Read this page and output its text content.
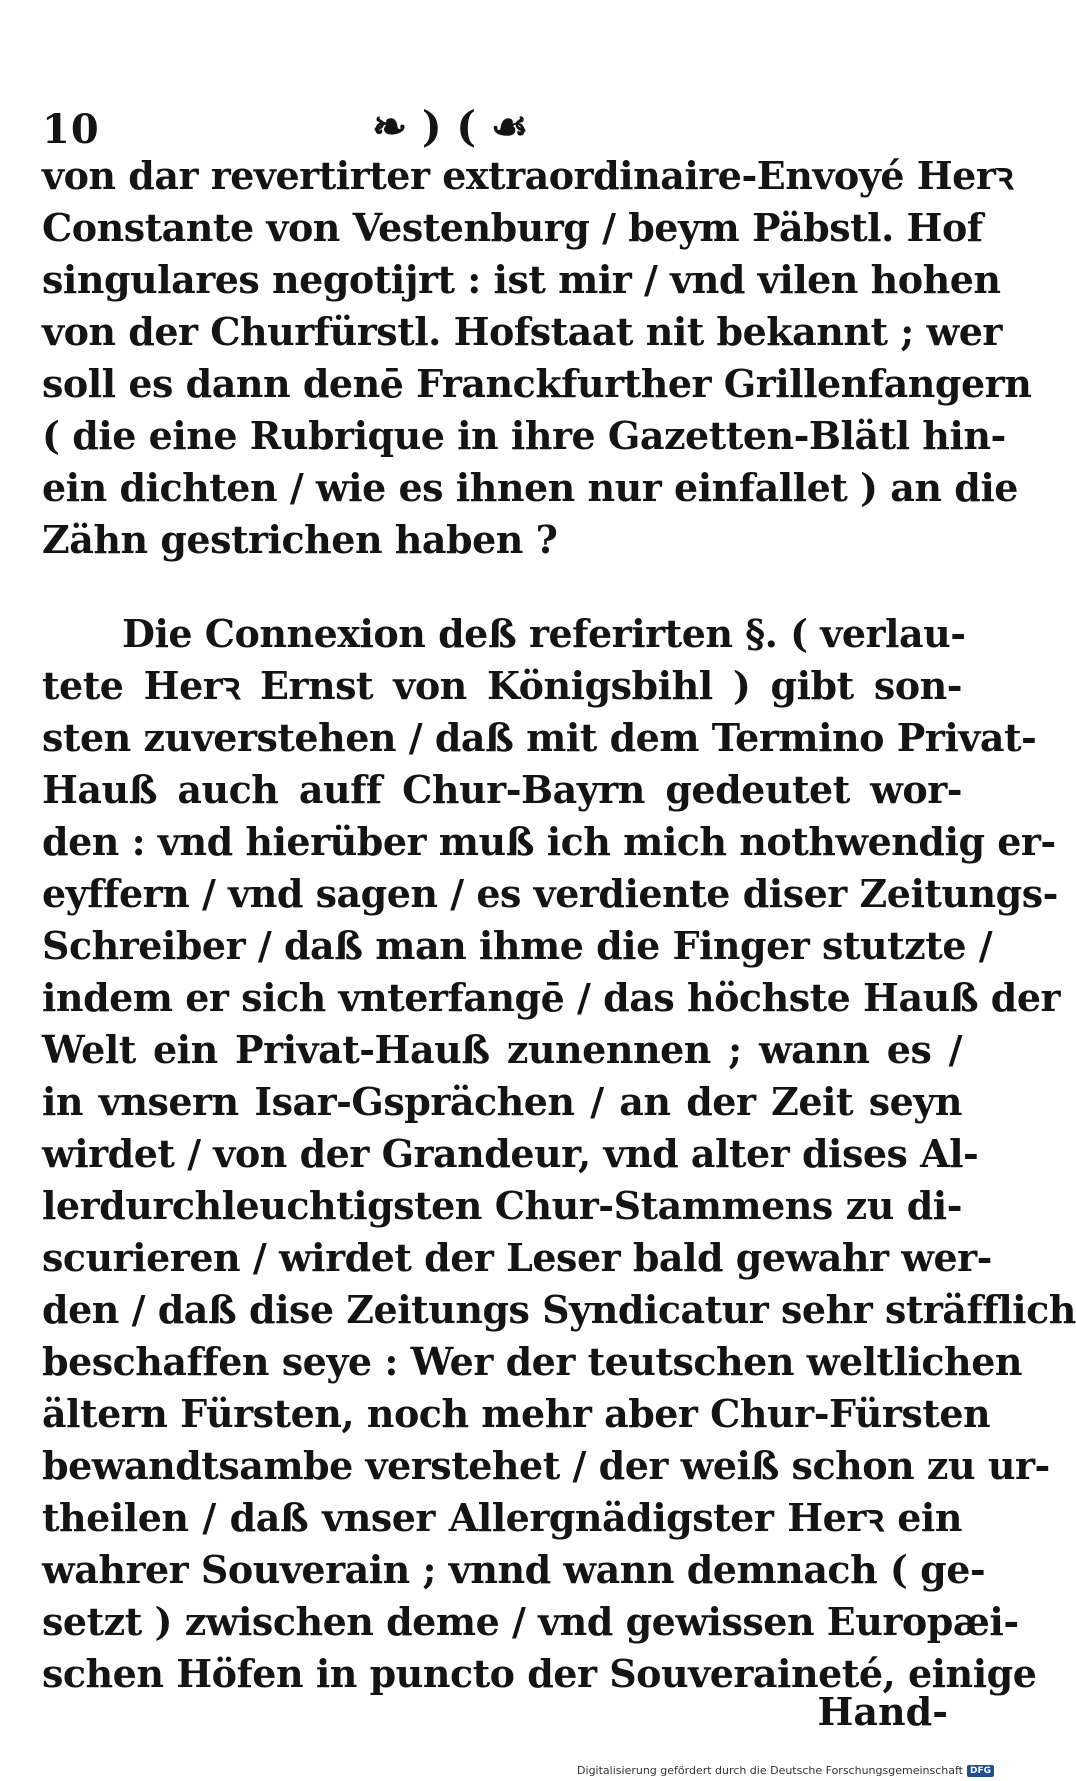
10	❧ ) ( ☙
von dar revertirter extraordinaire-Envoyé Herꝛ
Constante von Vestenburg / beym Päbstl. Hof
singulares negotijrt : ist mir / vnd vilen hohen
von der Churfürstl. Hofstaat nit bekannt ; wer
soll es dann denē Franckfurther Grillenfangern
( die eine Rubrique in ihre Gazetten-Blätl hin-
ein dichten / wie es ihnen nur einfallet ) an die
Zähn gestrichen haben ?
Die Connexion deß referirten §. ( verlau-
tete Herꝛ Ernst von Königsbihl ) gibt son-
sten zuverstehen / daß mit dem Termino Privat-
Hauß auch auff Chur-Bayrn gedeutet wor-
den : vnd hierüber muß ich mich nothwendig er-
eyffern / vnd sagen / es verdiente diser Zeitungs-
Schreiber / daß man ihme die Finger stutzte /
indem er sich vnterfangē / das höchste Hauß der
Welt ein Privat-Hauß zunennen ; wann es /
in vnsern Isar-Gsprächen / an der Zeit seyn
wirdet / von der Grandeur, vnd alter dises Al-
lerdurchleuchtigsten Chur-Stammens zu di-
scurieren / wirdet der Leser bald gewahr wer-
den / daß dise Zeitungs Syndicatur sehr sträfflich
beschaffen seye : Wer der teutschen weltlichen
ältern Fürsten, noch mehr aber Chur-Fürsten
bewandtsambe verstehet / der weiß schon zu ur-
theilen / daß vnser Allergnädigster Herꝛ ein
wahrer Souverain ; vnnd wann demnach ( ge-
setzt ) zwischen deme / vnd gewissen Europæi-
schen Höfen in puncto der Souveraineté, einige
Hand-
Digitalisierung gefördert durch die Deutsche Forschungsgemeinschaft DFG
